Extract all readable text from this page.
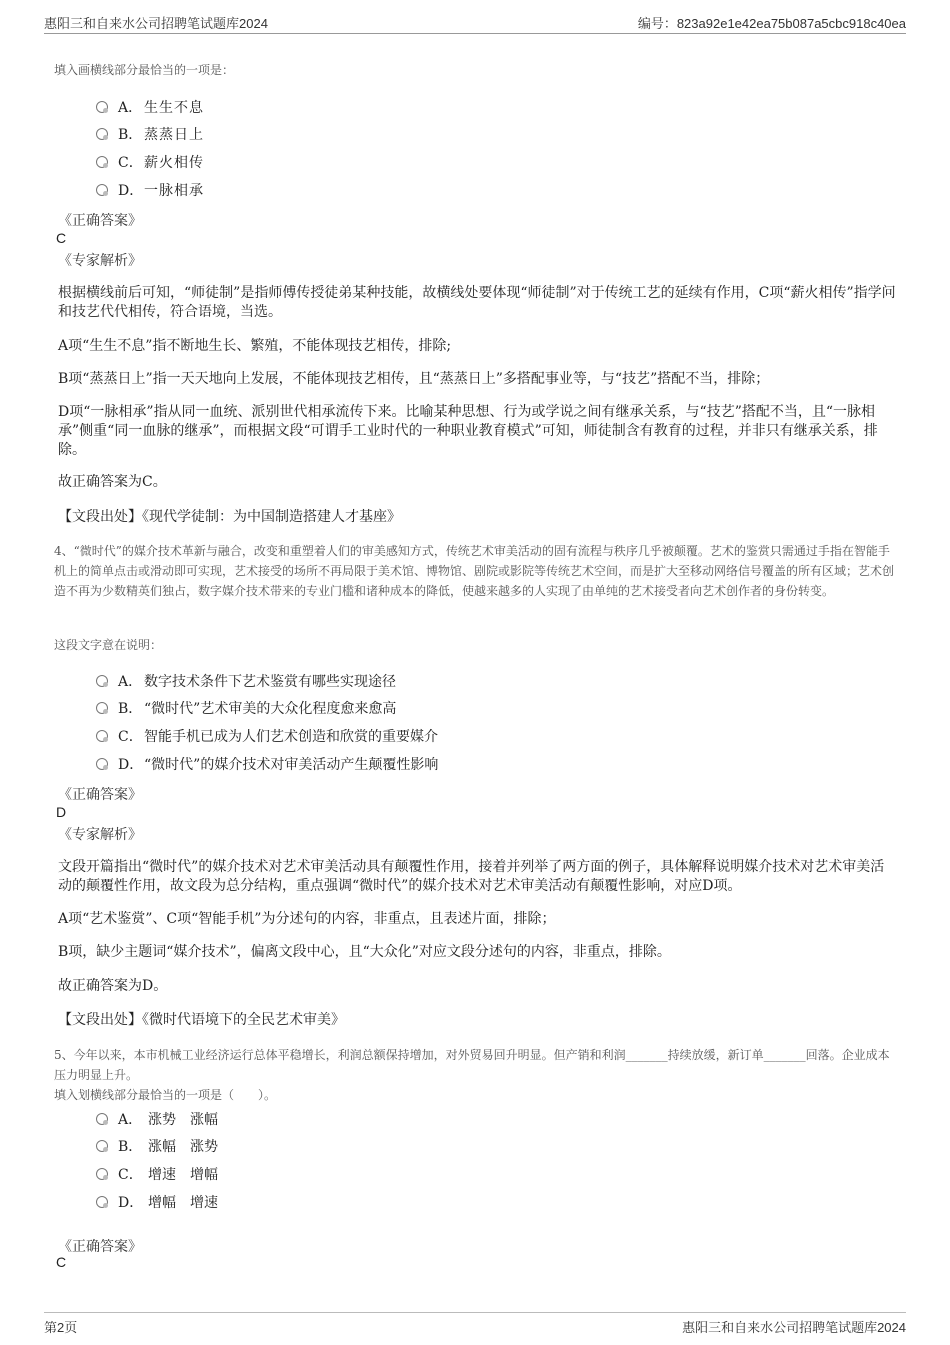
惠阳三和自来水公司招聘笔试题库2024	编号：823a92e1e42ea75b087a5cbc918c40ea
填入画横线部分最恰当的一项是：
A． 生生不息
B． 蒸蒸日上
C． 薪火相传
D． 一脉相承
《正确答案》
C
《专家解析》
根据横线前后可知，“师徒制”是指师傅传授徒弟某种技能，故横线处要体现“师徒制”对于传统工艺的延续有作用，C项“薪火相传”指学问和技艺代代相传，符合语境，当选。
A项“生生不息”指不断地生长、繁殖，不能体现技艺相传，排除;
B项“蒸蒸日上”指一天天地向上发展，不能体现技艺相传，且“蒸蒸日上”多搭配事业等，与“技艺”搭配不当，排除；
D项“一脉相承”指从同一血统、派别世代相承流传下来。比喻某种思想、行为或学说之间有继承关系，与“技艺”搭配不当，且“一脉相承”侧重“同一血脉的继承”，而根据文段“可谓手工业时代的一种职业教育模式”可知，师徒制含有教育的过程，并非只有继承关系，排除。
故正确答案为C。
【文段出处】《现代学徒制：为中国制造搭建人才基座》
4、“微时代”的媒介技术革新与融合，改变和重塑着人们的审美感知方式，传统艺术审美活动的固有流程与秩序几乎被颠覆。艺术的鉴赏只需通过手指在智能手机上的简单点击或滑动即可实现，艺术接受的场所不再局限于美术馆、博物馆、剧院或影院等传统艺术空间，而是扩大至移动网络信号覆盖的所有区域；艺术创造不再为少数精英们独占，数字媒介技术带来的专业门槛和诸种成本的降低，使越来越多的人实现了由单纯的艺术接受者向艺术创作者的身份转变。
这段文字意在说明：
A． 数字技术条件下艺术鉴赏有哪些实现途径
B． “微时代”艺术审美的大众化程度愈来愈高
C． 智能手机已成为人们艺术创造和欣赏的重要媒介
D． “微时代”的媒介技术对审美活动产生颠覆性影响
《正确答案》
D
《专家解析》
文段开篇指出“微时代”的媒介技术对艺术审美活动具有颠覆性作用，接着并列举了两方面的例子，具体解释说明媒介技术对艺术审美活动的颠覆性作用，故文段为总分结构，重点强调“微时代”的媒介技术对艺术审美活动有颠覆性影响，对应D项。
A项“艺术鉴赏”、C项“智能手机”为分述句的内容，非重点，且表述片面，排除；
B项，缺少主题词“媒介技术”，偏离文段中心，且“大众化”对应文段分述句的内容，非重点，排除。
故正确答案为D。
【文段出处】《微时代语境下的全民艺术审美》
5、今年以来，本市机械工业经济运行总体平稳增长，利润总额保持增加，对外贸易回升明显。但产销和利润_______持续放缓，新订单_______回落。企业成本压力明显上升。
填入划横线部分最恰当的一项是（　　）。
A． 涨势　涨幅
B． 涨幅　涨势
C． 增速　增幅
D． 增幅　增速
《正确答案》
C
第2页	惠阳三和自来水公司招聘笔试题库2024
